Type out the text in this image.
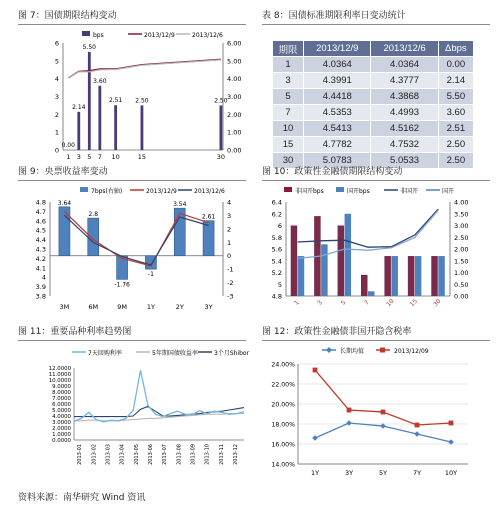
图 7：国债期限结构变动
bps	2013/12/9	2013/12/6
0
1
2
3
4
5
6
0.00
1.00
2.00
3.00
4.00
5.00
6.00
0.00
2.14
5.50
3.60
2.51 2.50	2.50
1 3 5 7 10	15	30
表 8：国债标准期限利率日变动统计
期限	2013/12/9	2013/12/6	Δbps
1	4.0364	4.0364	0.00
3	4.3991	4.3777	2.14
5	4.4418	4.3868	5.50
7	4.5353	4.4993	3.60
10	4.5413	4.5162	2.51
15	4.7782	4.7532	2.50
30	5.0783	5.0533	2.50
图 9：央票收益率变动
7bps(右轴)	2013/12/9	2013/12/6
3.8
3.9
4
4.1
4.2
4.3
4.4
4.5
4.6
4.7
4.8
-3
-2
-1
0
1
2
3
4
3.64
2.8
-1.76
-1
3.54
2.61
3M	6M	9M	1Y	2Y	3Y
图 10：政策性金融债期限结构变动
非国开bps	国开bps	非国开	国开
4.8
5
5.2
5.4
5.6
5.8
6
6.2
6.4
0.00
0.50
1.00
1.50
2.00
2.50
3.00
3.50
4.00
1	3	5	7 10 15 30
图 11：重要品种利率趋势图
7天回购利率	5年期国债收益率	3个月Shibor
0.0000
1.0000
2.0000
3.0000
4.0000
5.0000
6.0000
7.0000
8.0000
9.0000
10.0000
11.0000
12.0000
2013-01 2013-02 2013-03 2013-04 2013-05 2013-06 2013-07 2013-08 2013-09 2013-10 2013-11 2013-12
图 12：政策性金融债非国开隐含税率
长期均值	2013/12/09
14.00%
16.00%
18.00%
20.00%
22.00%
24.00%
1Y	3Y	5Y	7Y	10Y
资料来源：南华研究 Wind 资讯
